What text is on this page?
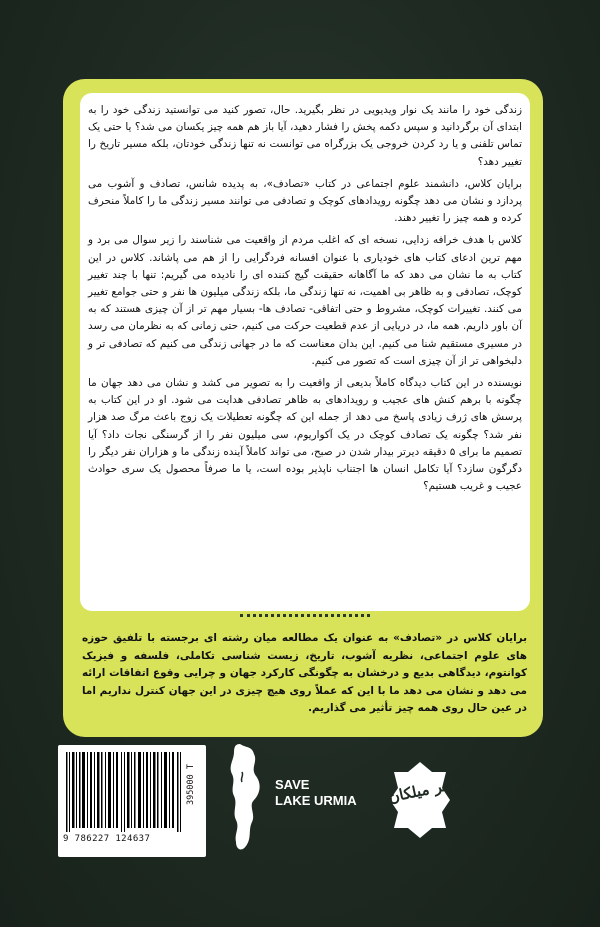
زندگی خود را مانند یک نوار ویدیویی در نظر بگیرید. حال، تصور کنید می توانستید زندگی خود را به ابتدای آن برگردانید و سپس دکمه پخش را فشار دهید، آیا باز هم همه چیز یکسان می شد؟ یا حتی یک تماس تلفنی و یا رد کردن خروجی یک بزرگراه می توانست نه تنها زندگی خودتان، بلکه مسیر تاریخ را تغییر دهد؟

برایان کلاس، دانشمند علوم اجتماعی در کتاب «تصادف»، به پدیده شانس، تصادف و آشوب می پردازد و نشان می دهد چگونه رویدادهای کوچک و تصادفی می توانند مسیر زندگی ما را کاملاً منحرف کرده و همه چیز را تغییر دهند.

کلاس با هدف خرافه زدایی، نسخه ای که اغلب مردم از واقعیت می شناسند را زیر سوال می برد و مهم ترین ادعای کتاب های خودیاری با عنوان افسانه فردگرایی را از هم می پاشاند. کلاس در این کتاب به ما نشان می دهد که ما آگاهانه حقیقت گیج کننده ای را نادیده می گیریم: تنها با چند تغییر کوچک، تصادفی و به ظاهر بی اهمیت، نه تنها زندگی ما، بلکه زندگی میلیون ها نفر و حتی جوامع تغییر می کنند. تغییرات کوچک، مشروط و حتی اتفاقی- تصادف ها- بسیار مهم تر از آن چیزی هستند که به آن باور داریم. همه ما، در دریایی از عدم قطعیت حرکت می کنیم، حتی زمانی که به نظرمان می رسد در مسیری مستقیم شنا می کنیم. این بدان معناست که ما در جهانی زندگی می کنیم که تصادفی تر و دلبخواهی تر از آن چیزی است که تصور می کنیم.

نویسنده در این کتاب دیدگاه کاملاً بدیعی از واقعیت را به تصویر می کشد و نشان می دهد جهان ما چگونه با برهم کنش های عجیب و رویدادهای به ظاهر تصادفی هدایت می شود. او در این کتاب به پرسش های ژرف زیادی پاسخ می دهد از جمله این که چگونه تعطیلات یک زوج باعث مرگ صد هزار نفر شد؟ چگونه یک تصادف کوچک در یک آکواریوم، سی میلیون نفر را از گرسنگی نجات داد؟ آیا تصمیم ما برای ۵ دقیقه دیرتر بیدار شدن در صبح، می تواند کاملاً آینده زندگی ما و هزاران نفر دیگر را دگرگون سازد؟ آیا تکامل انسان ها اجتناب ناپذیر بوده است، یا ما صرفاً محصول یک سری حوادث عجیب و غریب هستیم؟

برایان کلاس در «تصادف» به عنوان یک مطالعه میان رشته ای برجسته با تلفیق حوزه های علوم اجتماعی، نظریه آشوب، تاریخ، زیست شناسی تکاملی، فلسفه و فیزیک کوانتوم، دیدگاهی بدیع و درخشان به چگونگی کارکرد جهان و چرایی وقوع اتفاقات ارائه می دهد و نشان می دهد ما با این که عملاً روی هیچ چیزی در این جهان کنترل نداریم اما در عین حال روی همه چیز تأثیر می گذاریم.
9 786227 124637
395000 T	SAVE
LAKE URMIA	نشر میلکان
